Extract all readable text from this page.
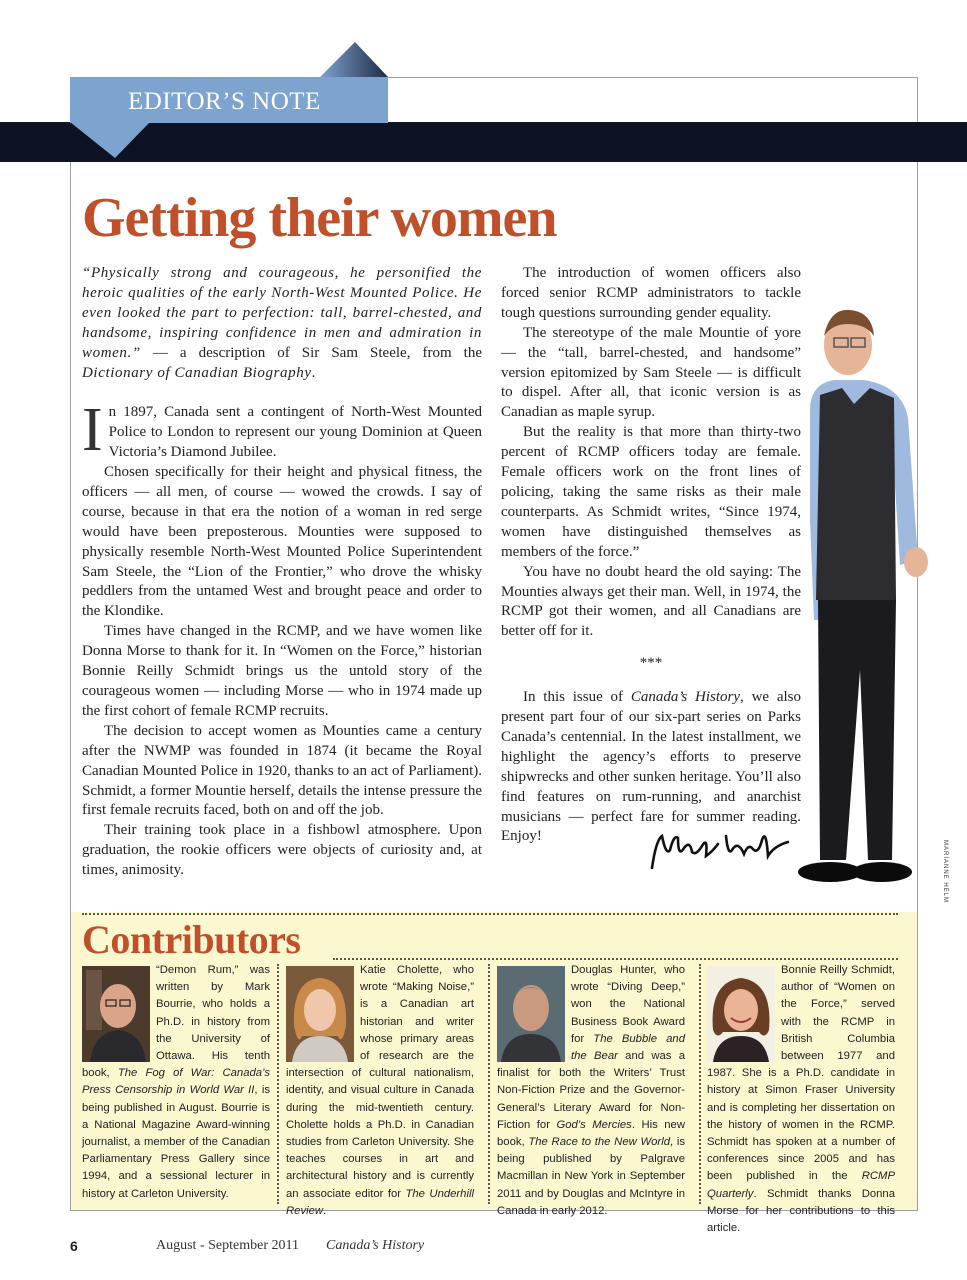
EDITOR’S NOTE
Getting their women

“Physically strong and courageous, he personified the heroic qualities of the early North-West Mounted Police. He even looked the part to perfection: tall, barrel-chested, and handsome, inspiring confidence in men and admiration in women.” — a description of Sir Sam Steele, from the Dictionary of Canadian Biography.

In 1897, Canada sent a contingent of North-West Mounted Police to London to represent our young Dominion at Queen Victoria’s Diamond Jubilee.

Chosen specifically for their height and physical fitness, the officers — all men, of course — wowed the crowds. I say of course, because in that era the notion of a woman in red serge would have been preposterous. Mounties were supposed to physically resemble North-West Mounted Police Superintendent Sam Steele, the “Lion of the Frontier,” who drove the whisky peddlers from the untamed West and brought peace and order to the Klondike.

Times have changed in the RCMP, and we have women like Donna Morse to thank for it. In “Women on the Force,” historian Bonnie Reilly Schmidt brings us the untold story of the courageous women — including Morse — who in 1974 made up the first cohort of female RCMP recruits.

The decision to accept women as Mounties came a century after the NWMP was founded in 1874 (it became the Royal Canadian Mounted Police in 1920, thanks to an act of Parliament). Schmidt, a former Mountie herself, details the intense pressure the first female recruits faced, both on and off the job.

Their training took place in a fishbowl atmosphere. Upon graduation, the rookie officers were objects of curiosity and, at times, animosity.

The introduction of women officers also forced senior RCMP administrators to tackle tough questions surrounding gender equality.

The stereotype of the male Mountie of yore — the “tall, barrel-chested, and handsome” version epitomized by Sam Steele — is difficult to dispel. After all, that iconic version is as Canadian as maple syrup.

But the reality is that more than thirty-two percent of RCMP officers today are female. Female officers work on the front lines of policing, taking the same risks as their male counterparts. As Schmidt writes, “Since 1974, women have distinguished themselves as members of the force.”

You have no doubt heard the old saying: The Mounties always get their man. Well, in 1974, the RCMP got their women, and all Canadians are better off for it.

***

In this issue of Canada’s History, we also present part four of our six-part series on Parks Canada’s centennial. In the latest installment, we highlight the agency’s efforts to preserve shipwrecks and other sunken heritage. You’ll also find features on rum-running, and anarchist musicians — perfect fare for summer reading. Enjoy!

MARIANNE HELM
Contributors
“Demon Rum,” was written by Mark Bourrie, who holds a Ph.D. in history from the University of Ottawa. His tenth book, The Fog of War: Canada’s Press Censorship in World War II, is being published in August. Bourrie is a National Magazine Award-winning journalist, a member of the Canadian Parliamentary Press Gallery since 1994, and a sessional lecturer in history at Carleton University.
Katie Cholette, who wrote “Making Noise,” is a Canadian art historian and writer whose primary areas of research are the intersection of cultural nationalism, identity, and visual culture in Canada during the mid-twentieth century. Cholette holds a Ph.D. in Canadian studies from Carleton University. She teaches courses in art and architectural history and is currently an associate editor for The Underhill Review.
Douglas Hunter, who wrote “Diving Deep,” won the National Business Book Award for The Bubble and the Bear and was a finalist for both the Writers’ Trust Non-Fiction Prize and the Governor-General’s Literary Award for Non-Fiction for God’s Mercies. His new book, The Race to the New World, is being published by Palgrave Macmillan in New York in September 2011 and by Douglas and McIntyre in Canada in early 2012.
Bonnie Reilly Schmidt, author of “Women on the Force,” served with the RCMP in British Columbia between 1977 and 1987. She is a Ph.D. candidate in history at Simon Fraser University and is completing her dissertation on the history of women in the RCMP. Schmidt has spoken at a number of conferences since 2005 and has been published in the RCMP Quarterly. Schmidt thanks Donna Morse for her contributions to this article.
6	August - September 2011 Canada’s History
